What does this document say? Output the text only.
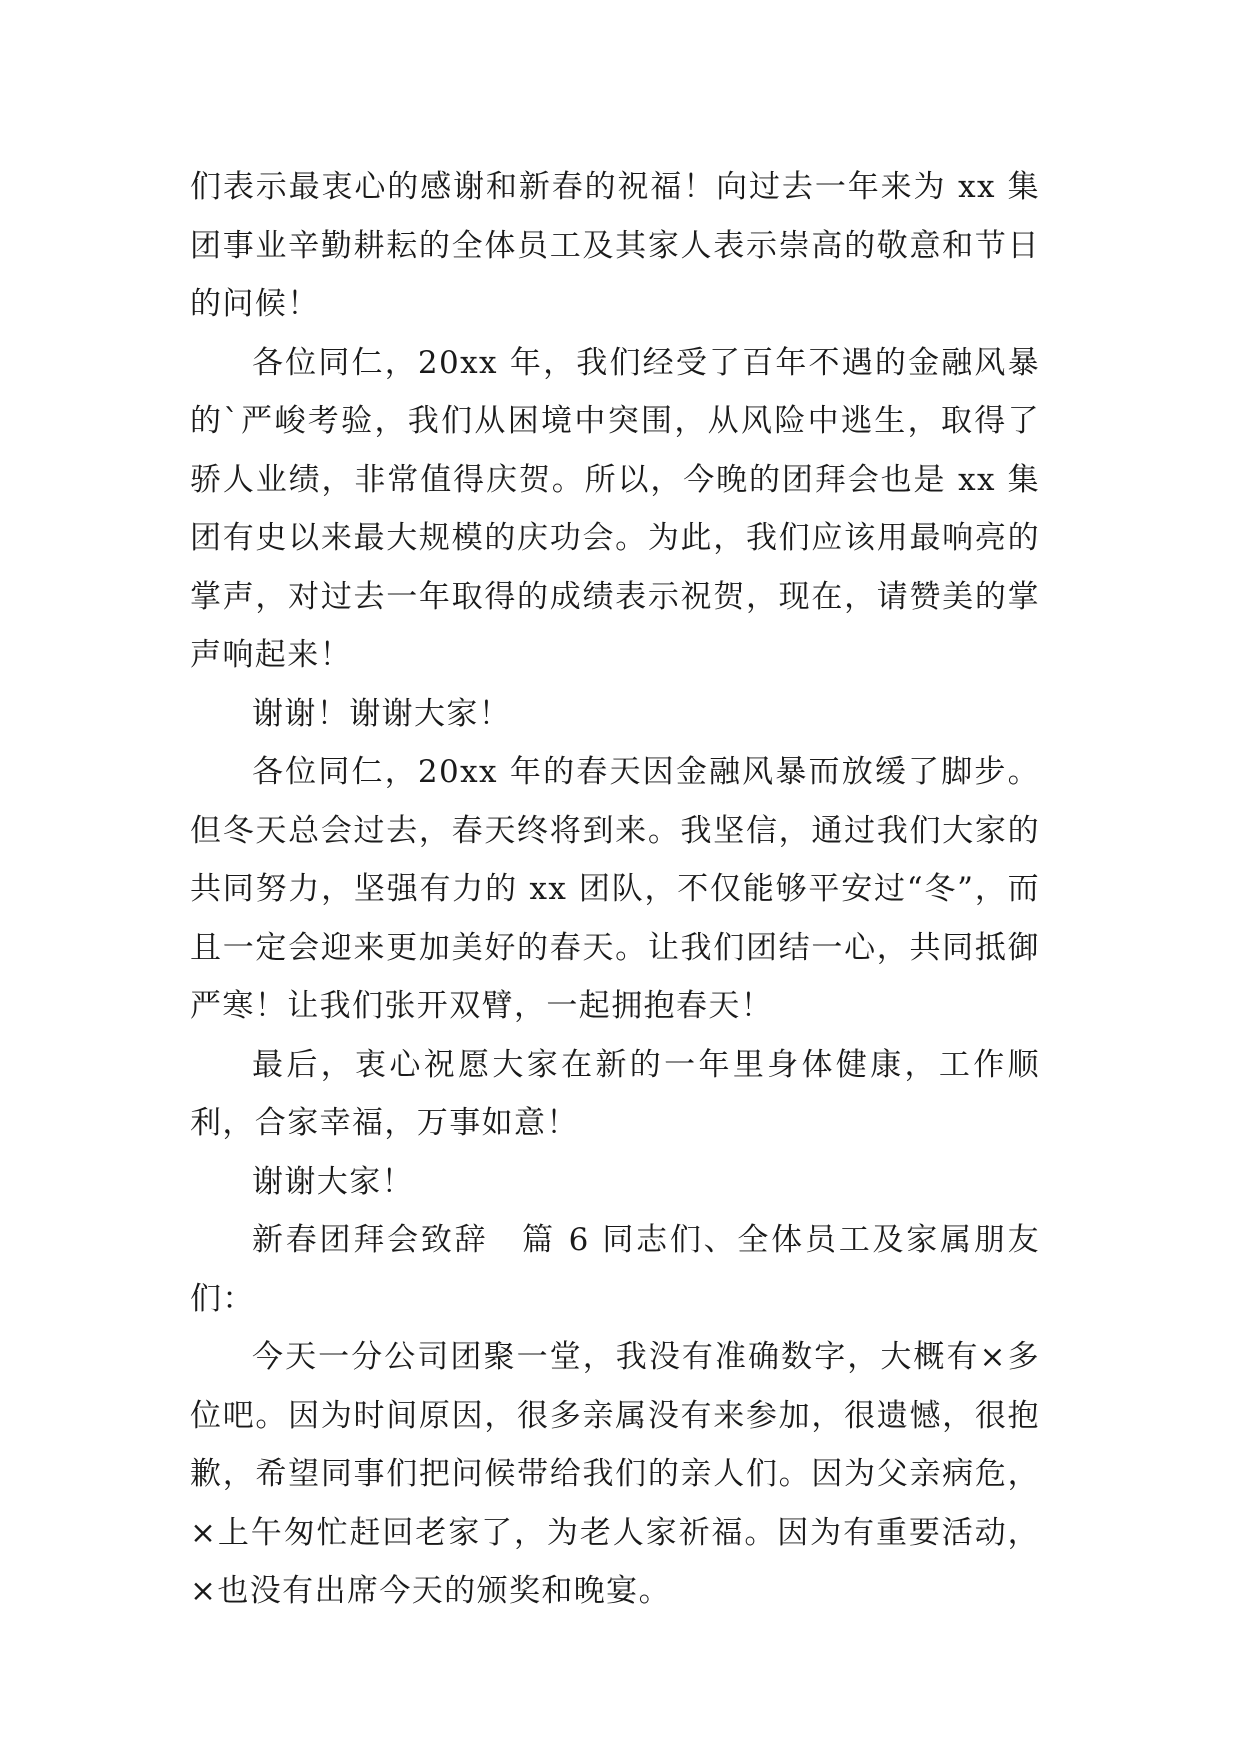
们表示最衷心的感谢和新春的祝福！向过去一年来为 xx 集团事业辛勤耕耘的全体员工及其家人表示崇高的敬意和节日的问候！

各位同仁，20xx 年，我们经受了百年不遇的金融风暴的`严峻考验，我们从困境中突围，从风险中逃生，取得了骄人业绩，非常值得庆贺。所以，今晚的团拜会也是 xx 集团有史以来最大规模的庆功会。为此，我们应该用最响亮的掌声，对过去一年取得的成绩表示祝贺，现在，请赞美的掌声响起来！

谢谢！谢谢大家！

各位同仁，20xx 年的春天因金融风暴而放缓了脚步。但冬天总会过去，春天终将到来。我坚信，通过我们大家的共同努力，坚强有力的 xx 团队，不仅能够平安过“冬”，而且一定会迎来更加美好的春天。让我们团结一心，共同抵御严寒！让我们张开双臂，一起拥抱春天！

最后，衷心祝愿大家在新的一年里身体健康，工作顺利，合家幸福，万事如意！

谢谢大家！

新春团拜会致辞　篇 6 同志们、全体员工及家属朋友们：

今天一分公司团聚一堂，我没有准确数字，大概有×多位吧。因为时间原因，很多亲属没有来参加，很遗憾，很抱歉，希望同事们把问候带给我们的亲人们。因为父亲病危，×上午匆忙赶回老家了，为老人家祈福。因为有重要活动，×也没有出席今天的颁奖和晚宴。
